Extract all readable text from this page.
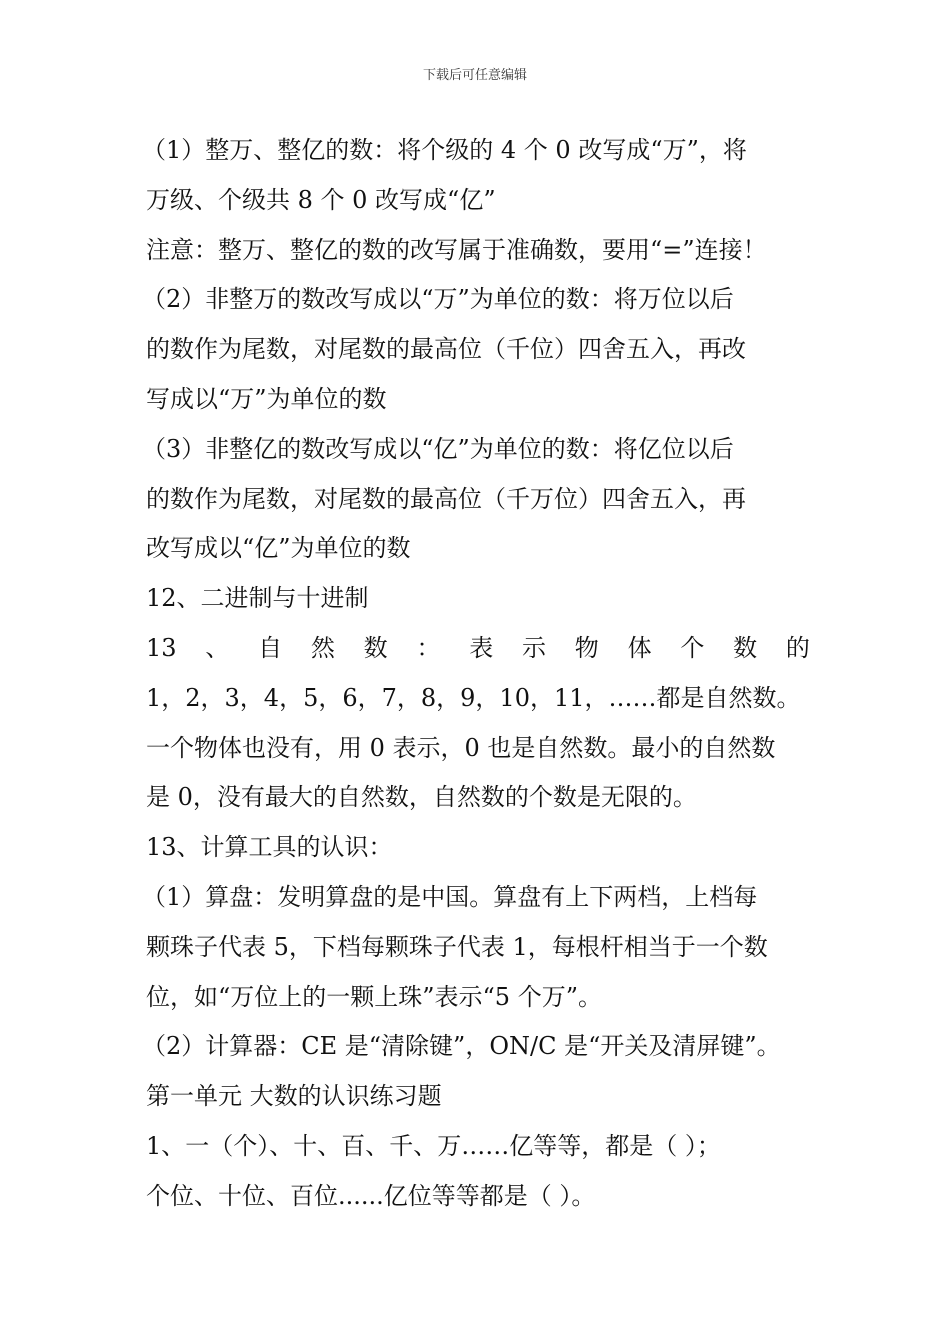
下载后可任意编辑
（1）整万、整亿的数：将个级的 4 个 0 改写成“万”，将
万级、个级共 8 个 0 改写成“亿”
注意：整万、整亿的数的改写属于准确数，要用“=”连接！
（2）非整万的数改写成以“万”为单位的数：将万位以后
的数作为尾数，对尾数的最高位（千位）四舍五入，再改
写成以“万”为单位的数
（3）非整亿的数改写成以“亿”为单位的数：将亿位以后
的数作为尾数，对尾数的最高位（千万位）四舍五入，再
改写成以“亿”为单位的数
12、二进制与十进制
13 、 自 然 数 ： 表 示 物 体 个 数 的
1，2，3，4，5，6，7，8，9，10，11，……都是自然数。
一个物体也没有，用 0 表示，0 也是自然数。最小的自然数
是 0，没有最大的自然数，自然数的个数是无限的。
13、计算工具的认识：
（1）算盘：发明算盘的是中国。算盘有上下两档，上档每
颗珠子代表 5，下档每颗珠子代表 1，每根杆相当于一个数
位，如“万位上的一颗上珠”表示“5 个万”。
（2）计算器：CE 是“清除键”，ON/C 是“开关及清屏键”。
第一单元 大数的认识练习题
1、一（个）、十、百、千、万……亿等等，都是（ ）；
个位、十位、百位......亿位等等都是（ ）。
